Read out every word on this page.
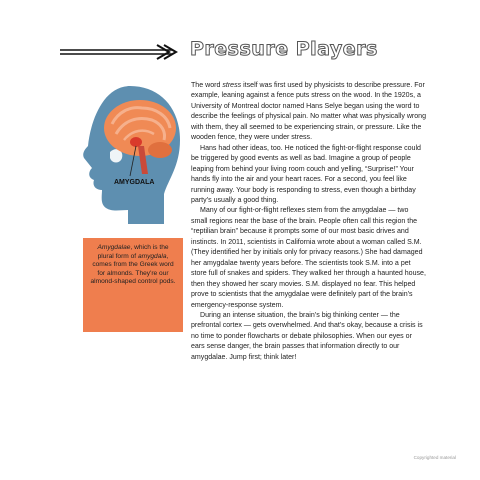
Pressure Players
AMYGDALA
Amygdalae, which is the plural form of amygdala, comes from the Greek word for almonds. They're our almond-shaped control pods.

The word stress itself was first used by physicists to describe pressure. For example, leaning against a fence puts stress on the wood. In the 1920s, a University of Montreal doctor named Hans Selye began using the word to describe the feelings of physical pain. No matter what was physically wrong with them, they all seemed to be experiencing strain, or pressure. Like the wooden fence, they were under stress.

Hans had other ideas, too. He noticed the fight-or-flight response could be triggered by good events as well as bad. Imagine a group of people leaping from behind your living room couch and yelling, “Surprise!” Your hands fly into the air and your heart races. For a second, you feel like running away. Your body is responding to stress, even though a birthday party’s usually a good thing.

Many of our fight-or-flight reflexes stem from the amygdalae — two small regions near the base of the brain. People often call this region the “reptilian brain” because it prompts some of our most basic drives and instincts. In 2011, scientists in California wrote about a woman called S.M. (They identified her by initials only for privacy reasons.) She had damaged her amygdalae twenty years before. The scientists took S.M. into a pet store full of snakes and spiders. They walked her through a haunted house, then they showed her scary movies. S.M. displayed no fear. This helped prove to scientists that the amygdalae were definitely part of the brain’s emergency-response system.

During an intense situation, the brain’s big thinking center — the prefrontal cortex — gets overwhelmed. And that’s okay, because a crisis is no time to ponder flowcharts or debate philosophies. When our eyes or ears sense danger, the brain passes that information directly to our amygdalae. Jump first; think later!

Copyrighted material
